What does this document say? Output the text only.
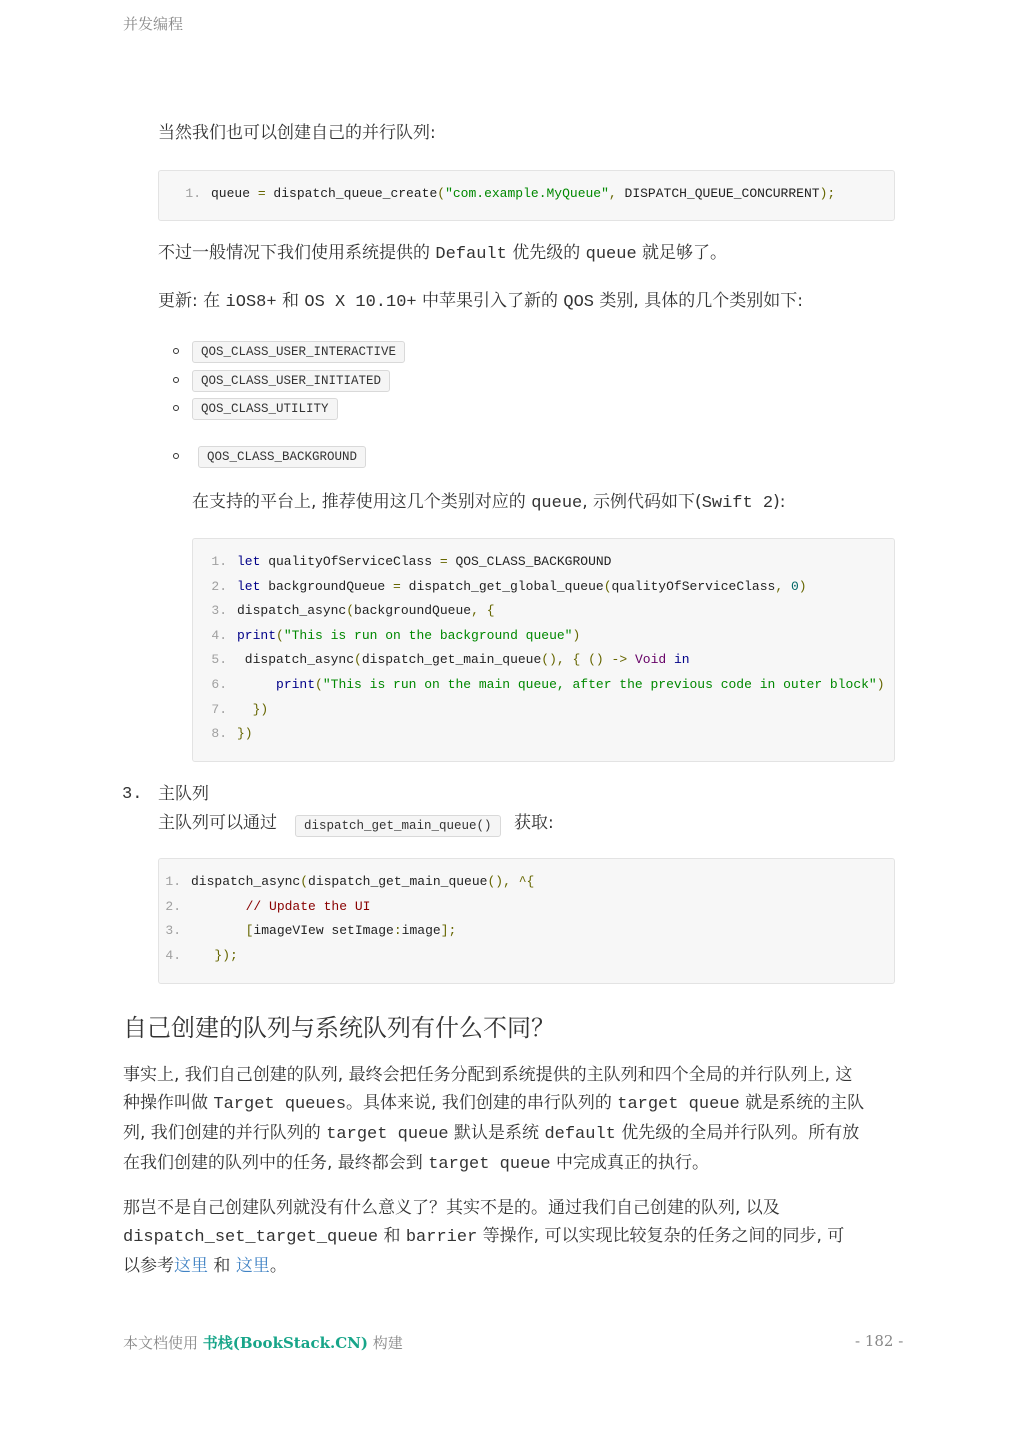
并发编程
当然我们也可以创建自己的并行队列:
1. queue = dispatch_queue_create("com.example.MyQueue", DISPATCH_QUEUE_CONCURRENT);
不过一般情况下我们使用系统提供的 Default 优先级的 queue 就足够了。
更新: 在 iOS8+ 和 OS X 10.10+ 中苹果引入了新的 QOS 类别, 具体的几个类别如下:
QOS_CLASS_USER_INTERACTIVE
QOS_CLASS_USER_INITIATED
QOS_CLASS_UTILITY
QOS_CLASS_BACKGROUND
在支持的平台上, 推荐使用这几个类别对应的 queue, 示例代码如下(Swift 2):
1. let qualityOfServiceClass = QOS_CLASS_BACKGROUND
2. let backgroundQueue = dispatch_get_global_queue(qualityOfServiceClass, 0)
3. dispatch_async(backgroundQueue, {
4. print("This is run on the background queue")
5. dispatch_async(dispatch_get_main_queue(), { () -> Void in
6.	print("This is run on the main queue, after the previous code in outer block")
7. })
8. })
3. 主队列
主队列可以通过	dispatch_get_main_queue()	获取:
1. dispatch_async(dispatch_get_main_queue(), ^{
2.	// Update the UI
3.	[imageVIew setImage:image];
4.	});
自己创建的队列与系统队列有什么不同？
事实上, 我们自己创建的队列, 最终会把任务分配到系统提供的主队列和四个全局的并行队列上, 这
种操作叫做 Target queues。具体来说, 我们创建的串行队列的 target queue 就是系统的主队
列, 我们创建的并行队列的 target queue 默认是系统 default 优先级的全局并行队列。所有放
在我们创建的队列中的任务, 最终都会到 target queue 中完成真正的执行。
那岂不是自己创建队列就没有什么意义了？其实不是的。通过我们自己创建的队列, 以及
dispatch_set_target_queue 和 barrier 等操作, 可以实现比较复杂的任务之间的同步, 可
以参考这里 和 这里。
本文档使用 书栈(BookStack.CN) 构建	- 182 -
